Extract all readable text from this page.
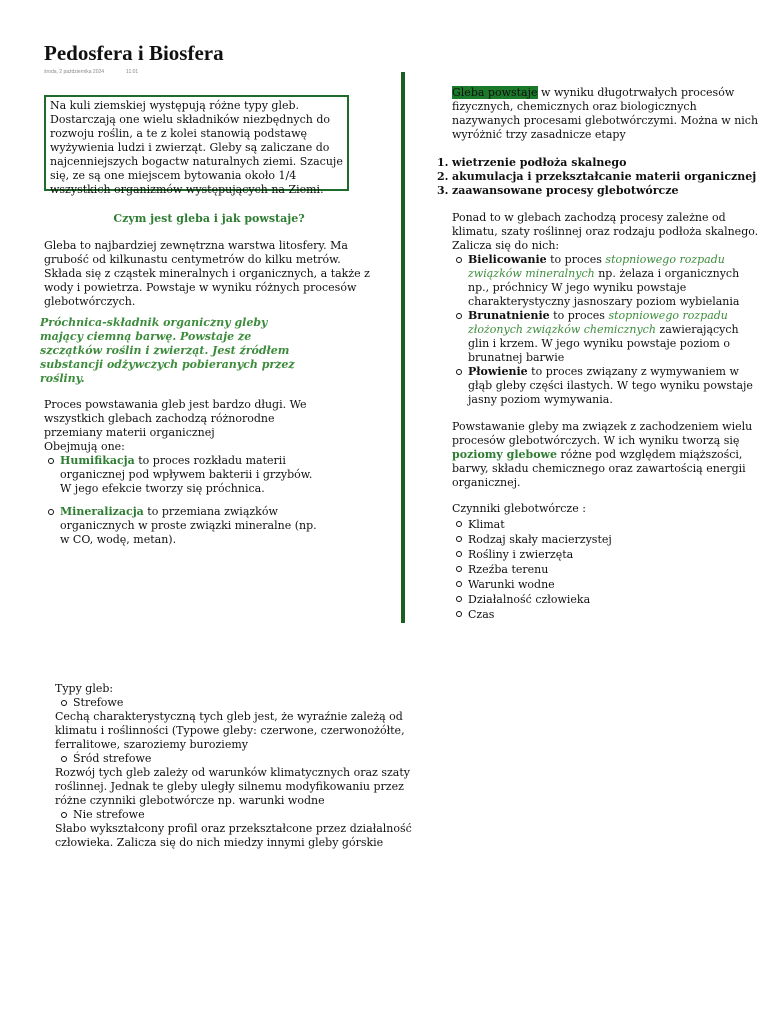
Pedosfera i Biosfera
środa, 2 października 2024	11:01
Na kuli ziemskiej występują różne typy gleb. Dostarczają one wielu składników niezbędnych do rozwoju roślin, a te z kolei stanowią podstawę wyżywienia ludzi i zwierząt. Gleby są zaliczane do najcenniejszych bogactw naturalnych ziemi. Szacuje się, ze są one miejscem bytowania około 1/4 wszystkich organizmów występujących na Ziemi.
Czym jest gleba i jak powstaje?
Gleba to najbardziej zewnętrzna warstwa litosfery. Ma grubość od kilkunastu centymetrów do kilku metrów. Składa się z cząstek mineralnych i organicznych, a także z wody i powietrza. Powstaje w wyniku różnych procesów glebotwórczych.
Próchnica-składnik organiczny gleby mający ciemną barwę. Powstaje ze szczątków roślin i zwierząt. Jest źródłem substancji odżywczych pobieranych przez rośliny.
Proces powstawania gleb jest bardzo długi. We wszystkich glebach zachodzą różnorodne przemiany materii organicznej
Obejmują one:
Humifikacja to proces rozkładu materii organicznej pod wpływem bakterii i grzybów. W jego efekcie tworzy się próchnica.
Mineralizacja to przemiana związków organicznych w proste związki mineralne (np. w CO, wodę, metan).
Gleba powstaje w wyniku długotrwałych procesów fizycznych, chemicznych oraz biologicznych nazywanych procesami glebotwórczymi. Można w nich wyróżnić trzy zasadnicze etapy
1. wietrzenie podłoża skalnego
2. akumulacja i przekształcanie materii organicznej
3. zaawansowane procesy glebotwórcze
Ponad to w glebach zachodzą procesy zależne od klimatu, szaty roślinnej oraz rodzaju podłoża skalnego. Zalicza się do nich:
Bielicowanie to proces stopniowego rozpadu związków mineralnych np. żelaza i organicznych np., próchnicy W jego wyniku powstaje charakterystyczny jasnoszary poziom wybielania
Brunatnienie to proces stopniowego rozpadu złożonych związków chemicznych zawierających glin i krzem. W jego wyniku powstaje poziom o brunatnej barwie
Płowienie to proces związany z wymywaniem w głąb gleby części ilastych. W tego wyniku powstaje jasny poziom wymywania.
Powstawanie gleby ma związek z zachodzeniem wielu procesów glebotwórczych. W ich wyniku tworzą się poziomy glebowe różne pod względem miąższości, barwy, składu chemicznego oraz zawartością energii organicznej.
Czynniki glebotwórcze :
Klimat
Rodzaj skały macierzystej
Rośliny i zwierzęta
Rzeźba terenu
Warunki wodne
Działalność człowieka
Czas
Typy gleb:
Strefowe
Cechą charakterystyczną tych gleb jest, że wyraźnie zależą od klimatu i roślinności (Typowe gleby: czerwone, czerwonożółte, ferralitowe, szaroziemy buroziemy
Śród strefowe
Rozwój tych gleb zależy od warunków klimatycznych oraz szaty roślinnej. Jednak te gleby uległy silnemu modyfikowaniu przez różne czynniki glebotwórcze np. warunki wodne
Nie strefowe
Słabo wykształcony profil oraz przekształcone przez działalność człowieka. Zalicza się do nich miedzy innymi gleby górskie
